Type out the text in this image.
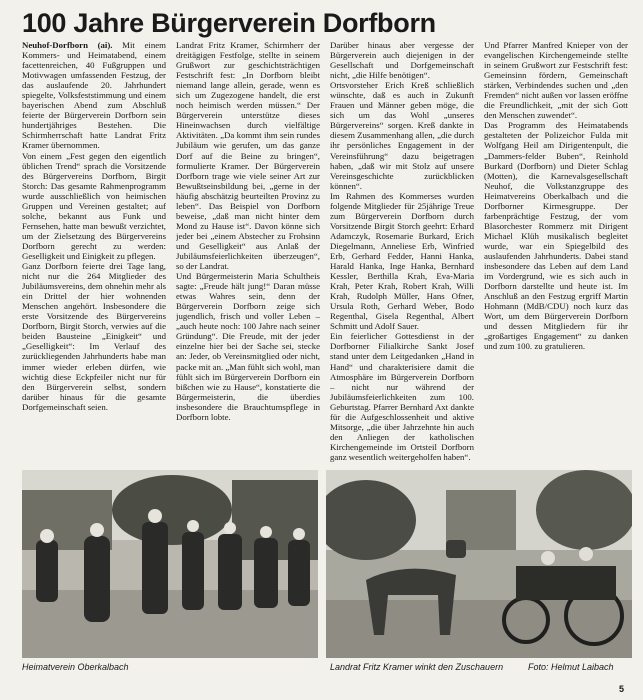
100 Jahre Bürgerverein Dorfborn

Neuhof-Dorfborn (ai). Mit einem Kommers- und Heimatabend, einem facettenreichen, 40 Fußgruppen und Motivwagen umfassenden Festzug, der das auslaufende 20. Jahrhundert spiegelte, Volksfeststimmung und einem bayerischen Abend zum Abschluß feierte der Bürgerverein Dorfborn sein hundertjähriges Bestehen. Die Schirmherrschaft hatte Landrat Fritz Kramer übernommen.

Von einem „Fest gegen den eigentlich üblichen Trend“ sprach die Vorsitzende des Bürgervereins Dorfborn, Birgit Storch: Das gesamte Rahmenprogramm wurde ausschließlich von heimischen Gruppen und Vereinen gestaltet; auf solche, bekannt aus Funk und Fernsehen, hatte man bewußt verzichtet, um der Zielsetzung des Bürgervereins Dorfborn gerecht zu werden: Geselligkeit und Einigkeit zu pflegen.

Ganz Dorfborn feierte drei Tage lang, nicht nur die 264 Mitglieder des Jubiläumsvereins, dem ohnehin mehr als ein Drittel der hier wohnenden Menschen angehört. Insbesondere die erste Vorsitzende des Bürgervereins Dorfborn, Birgit Storch, verwies auf die beiden Bausteine „Einigkeit“ und „Geselligkeit“: Im Verlauf des zurückliegenden Jahrhunderts habe man immer wieder erleben dürfen, wie wichtig diese Eckpfeiler nicht nur für den Bürgerverein selbst, sondern darüber hinaus für die gesamte Dorfgemeinschaft seien.

Landrat Fritz Kramer, Schirmherr der dreitägigen Festfolge, stellte in seinem Grußwort zur geschichtsträchtigen Festschrift fest: „In Dorfborn bleibt niemand lange allein, gerade, wenn es sich um Zugezogene handelt, die erst noch heimisch werden müssen.“ Der Bürgerverein unterstütze dieses Hineinwachsen durch vielfältige Aktivitäten. „Da kommt ihm sein rundes Jubiläum wie gerufen, um das ganze Dorf auf die Beine zu bringen“, formulierte Kramer. Der Bürgerverein Dorfborn trage wie viele seiner Art zur Bewußtseinsbildung bei, „gerne in der häufig abschätzig beurteilten Provinz zu leben“. Das Beispiel von Dorfborn beweise, „daß man nicht hinter dem Mond zu Hause ist“. Davon könne sich jeder bei „einem Abstecher zu Frohsinn und Geselligkeit“ aus Anlaß der Jubiläumsfeierlichkeiten überzeugen“, so der Landrat.

Und Bürgermeisterin Maria Schultheis sagte: „Freude hält jung!“ Daran müsse etwas Wahres sein, denn der Bürgerverein Dorfborn zeige sich jugendlich, frisch und voller Leben – „auch heute noch: 100 Jahre nach seiner Gründung“. Die Freude, mit der jeder einzelne hier bei der Sache sei, stecke an: Jeder, ob Vereinsmitglied oder nicht, packe mit an. „Man fühlt sich wohl, man fühlt sich im Bürgerverein Dorfborn ein bißchen wie zu Hause“, konstatierte die Bürgermeisterin, die überdies insbesondere die Brauchtumspflege in Dorfborn lobte.

Darüber hinaus aber vergesse der Bürgerverein auch diejenigen in der Gesellschaft und Dorfgemeinschaft nicht, „die Hilfe benötigen“.

Ortsvorsteher Erich Kreß schließlich wünschte, daß es auch in Zukunft Frauen und Männer geben möge, die sich um das Wohl „unseres Bürgervereins“ sorgen. Kreß dankte in diesem Zusammenhang allen, „die durch ihr persönliches Engagement in der Vereinsführung“ dazu beigetragen haben, „daß wir mit Stolz auf unsere Vereinsgeschichte zurückblicken können“.

Im Rahmen des Kommerses wurden folgende Mitglieder für 25jährige Treue zum Bürgerverein Dorfborn durch Vorsitzende Birgit Storch geehrt: Erhard Adamczyk, Rosemarie Burkard, Erich Diegelmann, Anneliese Erb, Winfried Erb, Gerhard Fedder, Hanni Hanka, Harald Hanka, Inge Hanka, Bernhard Kessler, Berthilla Krah, Eva-Maria Krah, Peter Krah, Robert Krah, Willi Krah, Rudolph Müller, Hans Ofner, Ursula Roth, Gerhard Weber, Bodo Regenthal, Gisela Regenthal, Albert Schmitt und Adolf Sauer.

Ein feierlicher Gottesdienst in der Dorfborner Filialkirche Sankt Josef stand unter dem Leitgedanken „Hand in Hand“ und charakterisiere damit die Atmosphäre im Bürgerverein Dorfborn – nicht nur während der Jubiläumsfeierlichkeiten zum 100. Geburtstag. Pfarrer Bernhard Axt dankte für die Aufgeschlossenheit und aktive Mitsorge, „die über Jahrzehnte hin auch den Anliegen der katholischen Kirchengemeinde im Ortsteil Dorfborn ganz wesentlich weitergeholfen haben“.

Und Pfarrer Manfred Knieper von der evangelischen Kirchengemeinde stellte in seinem Grußwort zur Festschrift fest: Gemeinsinn fördern, Gemeinschaft stärken, Verbindendes suchen und „den Fremden“ nicht außen vor lassen eröffne die Freundlichkeit, „mit der sich Gott den Menschen zuwendet“.

Das Programm des Heimatabends gestalteten der Polizeichor Fulda mit Wolfgang Heil am Dirigentenpult, die „Dammers-felder Buben“, Reinhold Burkard (Dorfborn) und Dieter Schlag (Motten), die Karnevalsgesellschaft Neuhof, die Volkstanzgruppe des Heimatvereins Oberkalbach und die Dorfborner Kirmesgruppe. Der farbenprächtige Festzug, der vom Blasorchester Rommerz mit Dirigent Michael Klüh musikalisch begleitet wurde, war ein Spiegelbild des auslaufenden Jahrhunderts. Dabei stand insbesondere das Leben auf dem Land im Vordergrund, wie es sich auch in Dorfborn darstellte und heute ist. Im Anschluß an den Festzug ergriff Martin Hohmann (MdB/CDU) noch kurz das Wort, um dem Bürgerverein Dorfborn und dessen Mitgliedern für ihr „großartiges Engagement“ zu danken und zum 100. zu gratulieren.

Heimatverein Oberkalbach	Landrat Fritz Kramer winkt den Zuschauern	Foto: Helmut Laibach
5
